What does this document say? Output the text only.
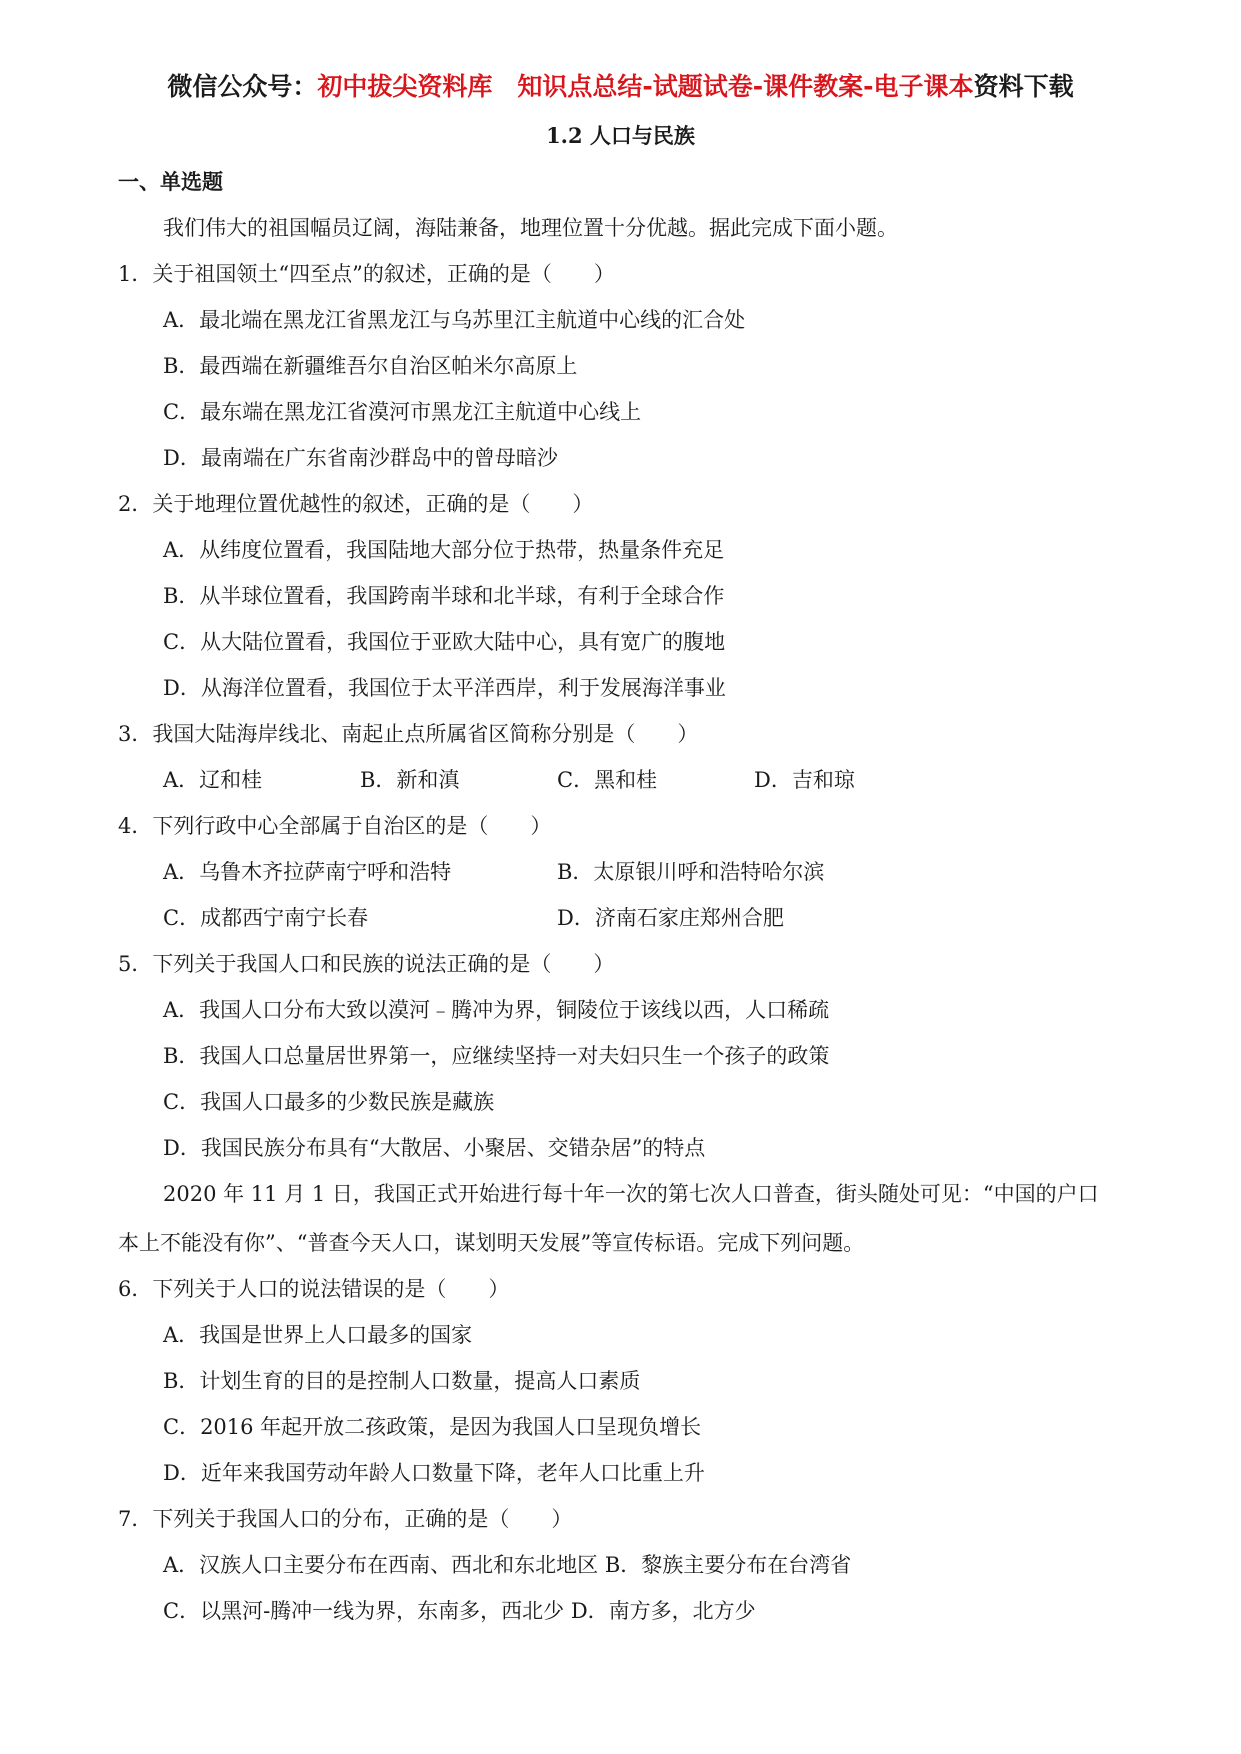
微信公众号：初中拔尖资料库　知识点总结-试题试卷-课件教案-电子课本资料下载
1.2 人口与民族
一、单选题
我们伟大的祖国幅员辽阔，海陆兼备，地理位置十分优越。据此完成下面小题。
1．关于祖国领土“四至点”的叙述，正确的是（　　）
A．最北端在黑龙江省黑龙江与乌苏里江主航道中心线的汇合处
B．最西端在新疆维吾尔自治区帕米尔高原上
C．最东端在黑龙江省漠河市黑龙江主航道中心线上
D．最南端在广东省南沙群岛中的曾母暗沙
2．关于地理位置优越性的叙述，正确的是（　　）
A．从纬度位置看，我国陆地大部分位于热带，热量条件充足
B．从半球位置看，我国跨南半球和北半球，有利于全球合作
C．从大陆位置看，我国位于亚欧大陆中心，具有宽广的腹地
D．从海洋位置看，我国位于太平洋西岸，利于发展海洋事业
3．我国大陆海岸线北、南起止点所属省区简称分别是（　　）
A．辽和桂	B．新和滇	C．黑和桂	D．吉和琼
4．下列行政中心全部属于自治区的是（　　）
A．乌鲁木齐拉萨南宁呼和浩特	B．太原银川呼和浩特哈尔滨
C．成都西宁南宁长春	D．济南石家庄郑州合肥
5．下列关于我国人口和民族的说法正确的是（　　）
A．我国人口分布大致以漠河﹣腾冲为界，铜陵位于该线以西，人口稀疏
B．我国人口总量居世界第一，应继续坚持一对夫妇只生一个孩子的政策
C．我国人口最多的少数民族是藏族
D．我国民族分布具有“大散居、小聚居、交错杂居”的特点
2020 年 11 月 1 日，我国正式开始进行每十年一次的第七次人口普查，街头随处可见：“中国的户口
本上不能没有你”、“普查今天人口，谋划明天发展”等宣传标语。完成下列问题。
6．下列关于人口的说法错误的是（　　）
A．我国是世界上人口最多的国家
B．计划生育的目的是控制人口数量，提高人口素质
C．2016 年起开放二孩政策，是因为我国人口呈现负增长
D．近年来我国劳动年龄人口数量下降，老年人口比重上升
7．下列关于我国人口的分布，正确的是（　　）
A．汉族人口主要分布在西南、西北和东北地区 B．黎族主要分布在台湾省
C．以黑河-腾冲一线为界，东南多，西北少 D．南方多，北方少
